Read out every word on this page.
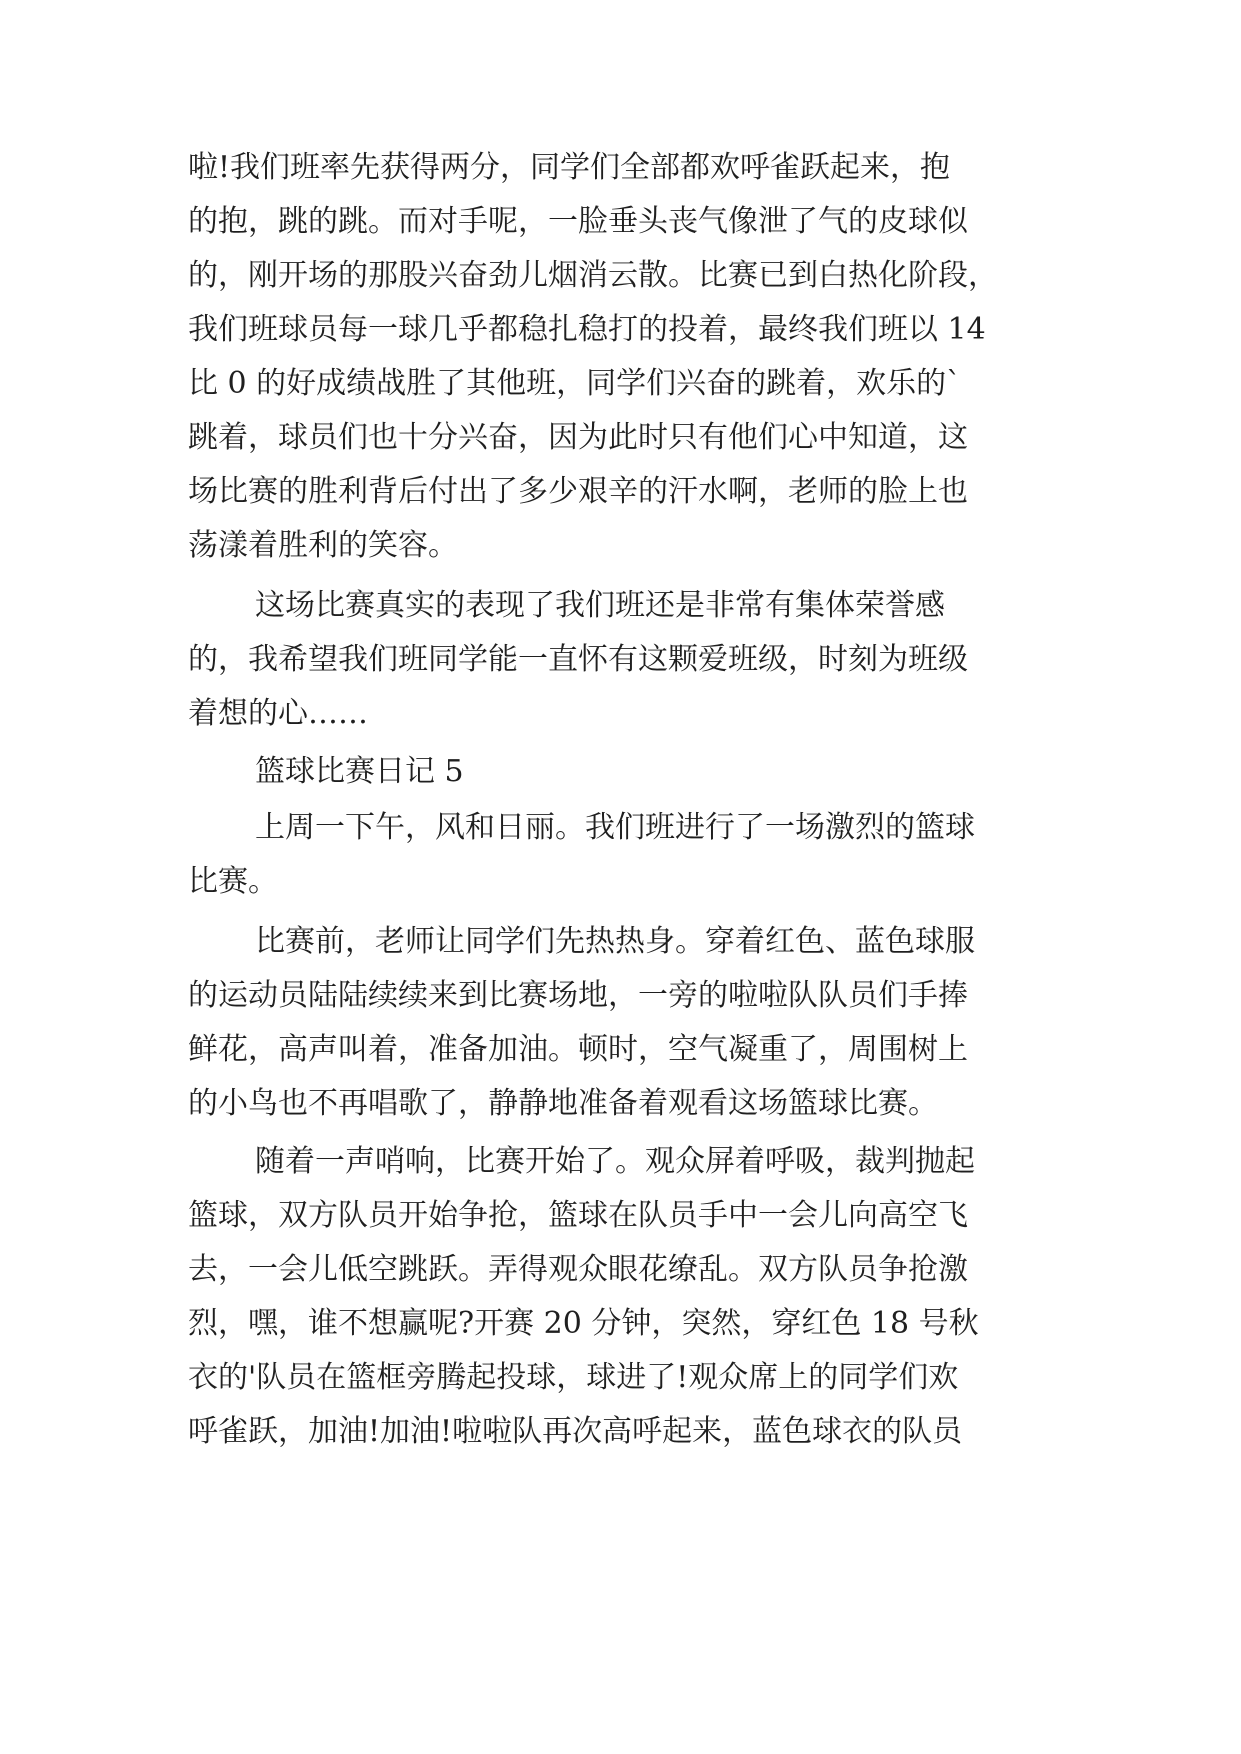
啦!我们班率先获得两分，同学们全部都欢呼雀跃起来，抱
的抱，跳的跳。而对手呢，一脸垂头丧气像泄了气的皮球似
的，刚开场的那股兴奋劲儿烟消云散。比赛已到白热化阶段，
我们班球员每一球几乎都稳扎稳打的投着，最终我们班以 14
比 0 的好成绩战胜了其他班，同学们兴奋的跳着，欢乐的`
跳着，球员们也十分兴奋，因为此时只有他们心中知道，这
场比赛的胜利背后付出了多少艰辛的汗水啊，老师的脸上也
荡漾着胜利的笑容。
这场比赛真实的表现了我们班还是非常有集体荣誉感
的，我希望我们班同学能一直怀有这颗爱班级，时刻为班级
着想的心……
篮球比赛日记 5
上周一下午，风和日丽。我们班进行了一场激烈的篮球
比赛。
比赛前，老师让同学们先热热身。穿着红色、蓝色球服
的运动员陆陆续续来到比赛场地，一旁的啦啦队队员们手捧
鲜花，高声叫着，准备加油。顿时，空气凝重了，周围树上
的小鸟也不再唱歌了，静静地准备着观看这场篮球比赛。
随着一声哨响，比赛开始了。观众屏着呼吸，裁判抛起
篮球，双方队员开始争抢，篮球在队员手中一会儿向高空飞
去，一会儿低空跳跃。弄得观众眼花缭乱。双方队员争抢激
烈，嘿，谁不想赢呢?开赛 20 分钟，突然，穿红色 18 号秋
衣的'队员在篮框旁腾起投球，球进了!观众席上的同学们欢
呼雀跃，加油!加油!啦啦队再次高呼起来，蓝色球衣的队员
